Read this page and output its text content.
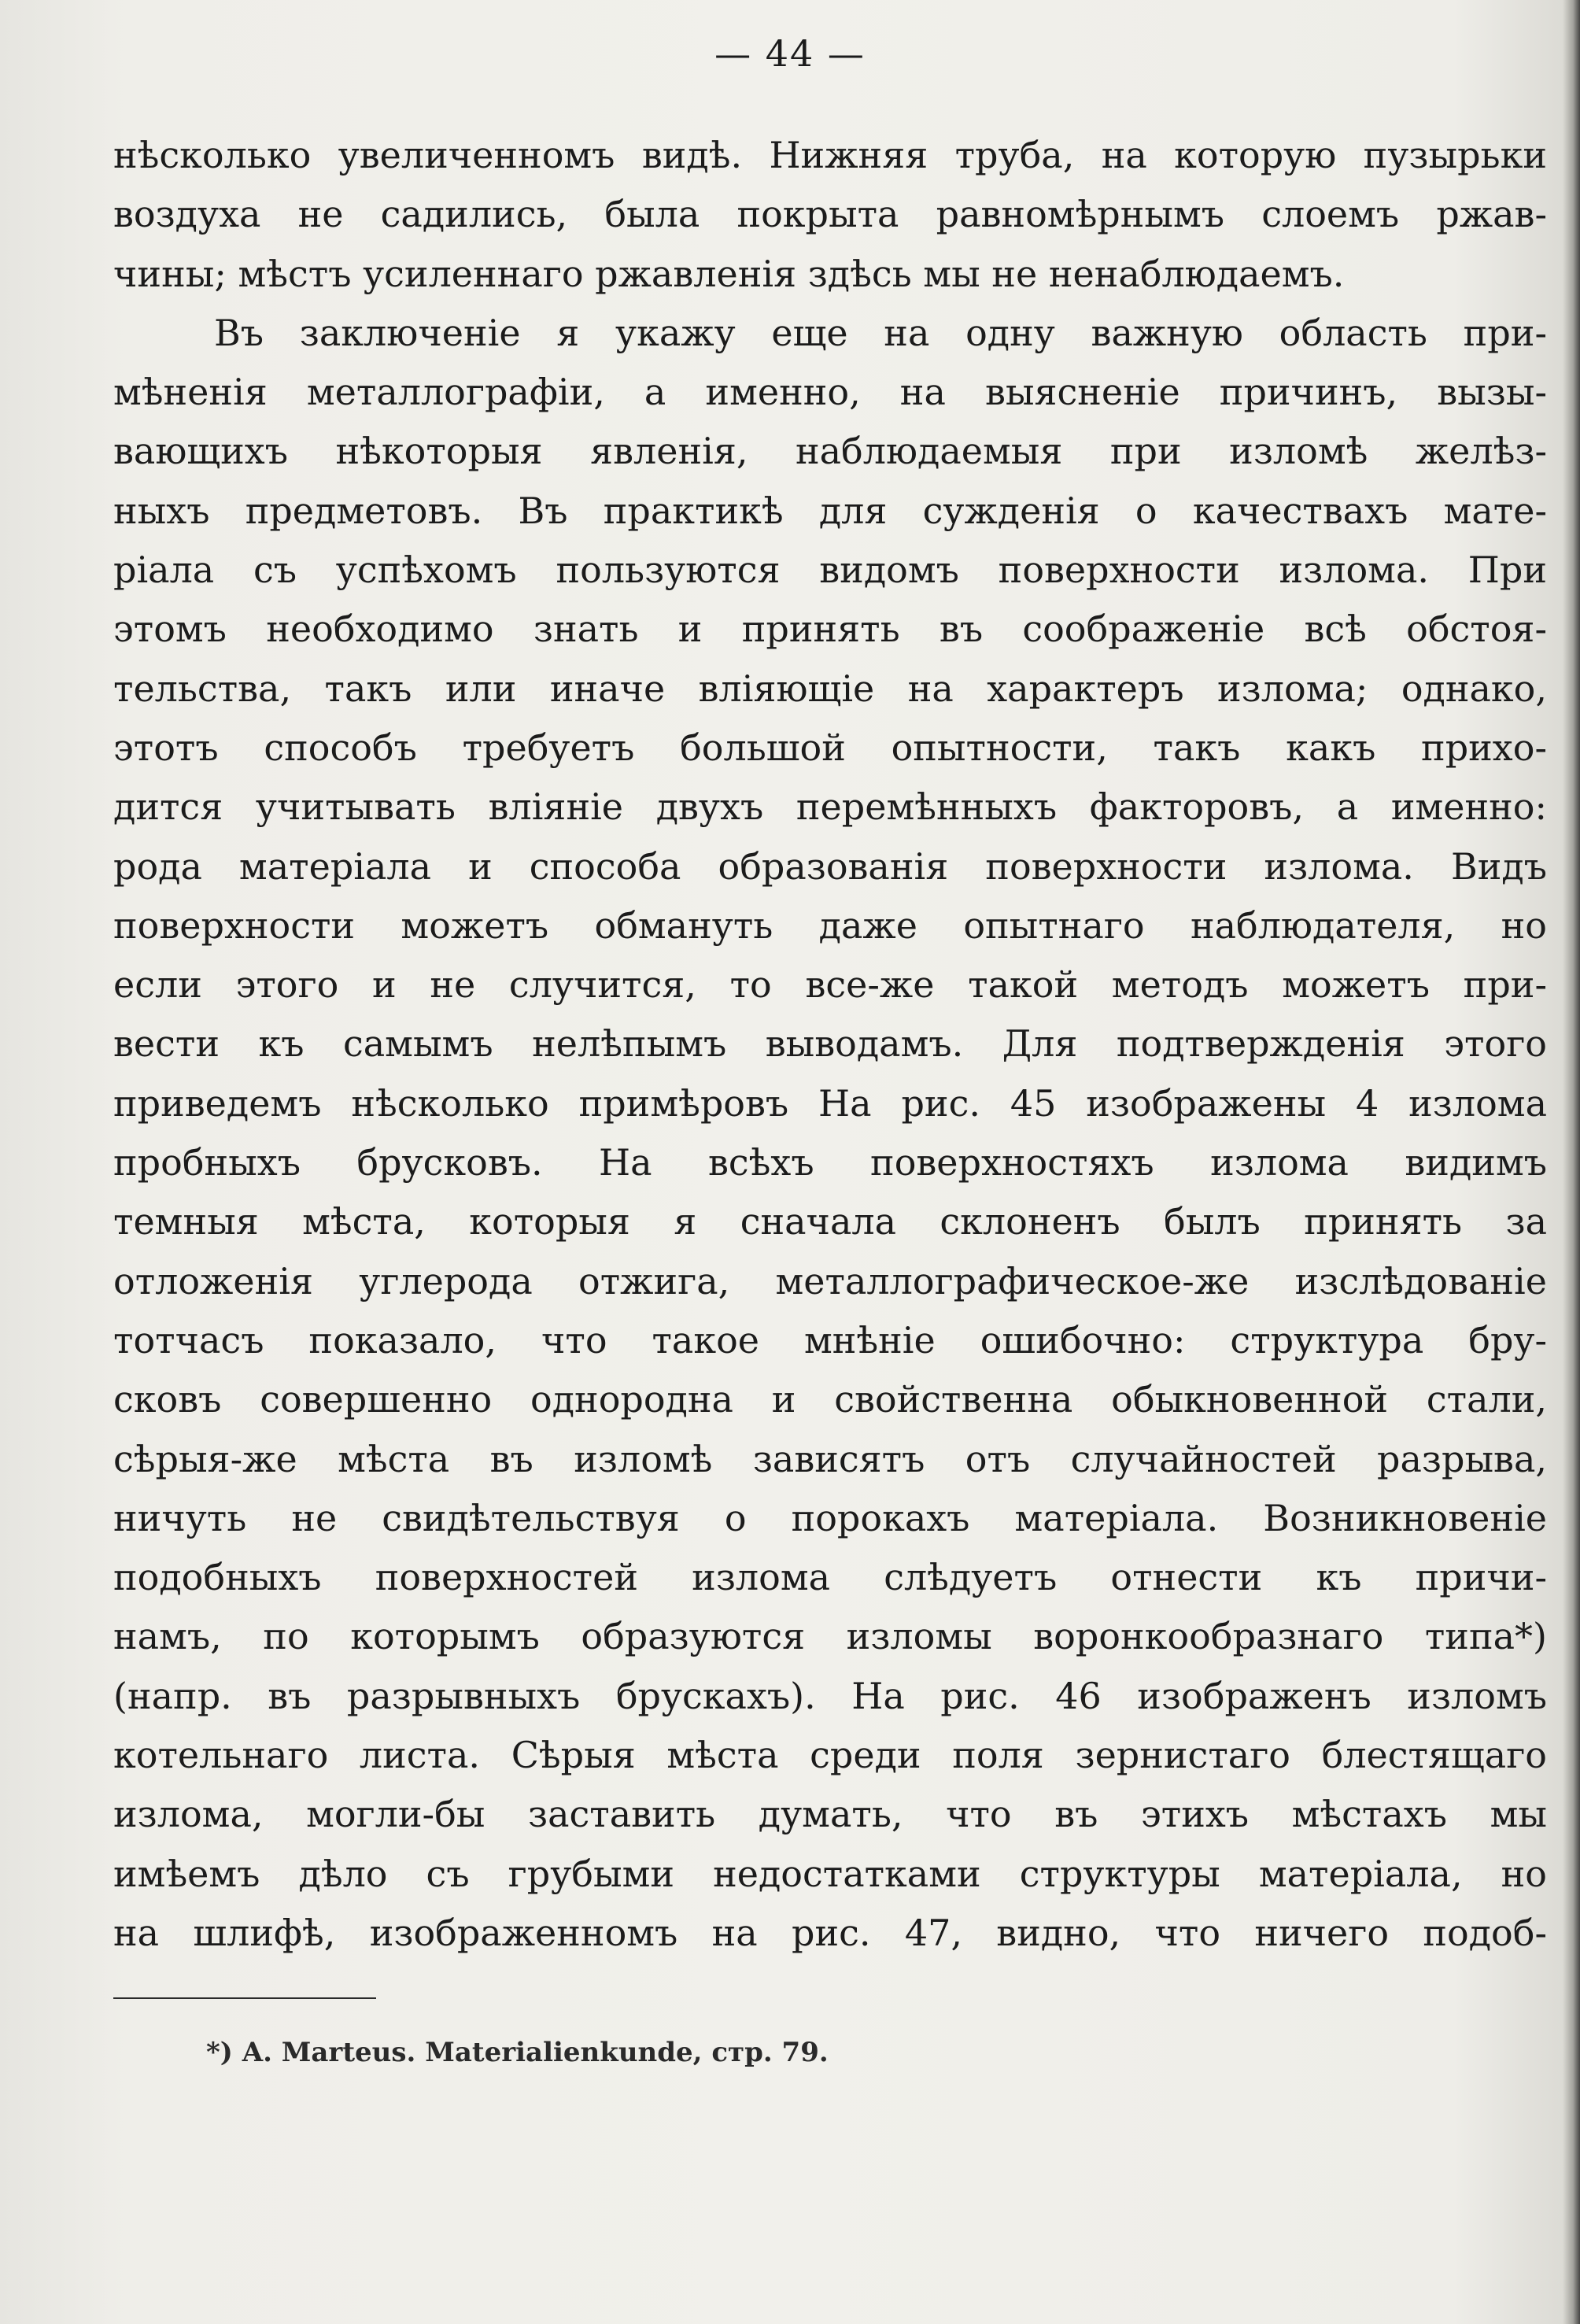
— 44 —
нѣсколько увеличенномъ видѣ. Нижняя труба, на которую пузырьки
воздуха не садились, была покрыта равномѣрнымъ слоемъ ржав-
чины; мѣстъ усиленнаго ржавленія здѣсь мы не ненаблюдаемъ.
Въ заключеніе я укажу еще на одну важную область при-
мѣненія металлографіи, а именно, на выясненіе причинъ, вызы-
вающихъ нѣкоторыя явленія, наблюдаемыя при изломѣ желѣз-
ныхъ предметовъ. Въ практикѣ для сужденія о качествахъ мате-
ріала съ успѣхомъ пользуются видомъ поверхности излома. При
этомъ необходимо знать и принять въ соображеніе всѣ обстоя-
тельства, такъ или иначе вліяющіе на характеръ излома; однако,
этотъ способъ требуетъ большой опытности, такъ какъ прихо-
дится учитывать вліяніе двухъ перемѣнныхъ факторовъ, а именно:
рода матеріала и способа образованія поверхности излома. Видъ
поверхности можетъ обмануть даже опытнаго наблюдателя, но
если этого и не случится, то все-же такой методъ можетъ при-
вести къ самымъ нелѣпымъ выводамъ. Для подтвержденія этого
приведемъ нѣсколько примѣровъ На рис. 45 изображены 4 излома
пробныхъ брусковъ. На всѣхъ поверхностяхъ излома видимъ
темныя мѣста, которыя я сначала склоненъ былъ принять за
отложенія углерода отжига, металлографическое-же изслѣдованіе
тотчасъ показало, что такое мнѣніе ошибочно: структура бру-
сковъ совершенно однородна и свойственна обыкновенной стали,
сѣрыя-же мѣста въ изломѣ зависятъ отъ случайностей разрыва,
ничуть не свидѣтельствуя о порокахъ матеріала. Возникновеніе
подобныхъ поверхностей излома слѣдуетъ отнести къ причи-
намъ, по которымъ образуются изломы воронкообразнаго типа*)
(напр. въ разрывныхъ брускахъ). На рис. 46 изображенъ изломъ
котельнаго листа. Сѣрыя мѣста среди поля зернистаго блестящаго
излома, могли-бы заставить думать, что въ этихъ мѣстахъ мы
имѣемъ дѣло съ грубыми недостатками структуры матеріала, но
на шлифѣ, изображенномъ на рис. 47, видно, что ничего подоб-
*) A. Marteus. Materialienkunde, стр. 79.
